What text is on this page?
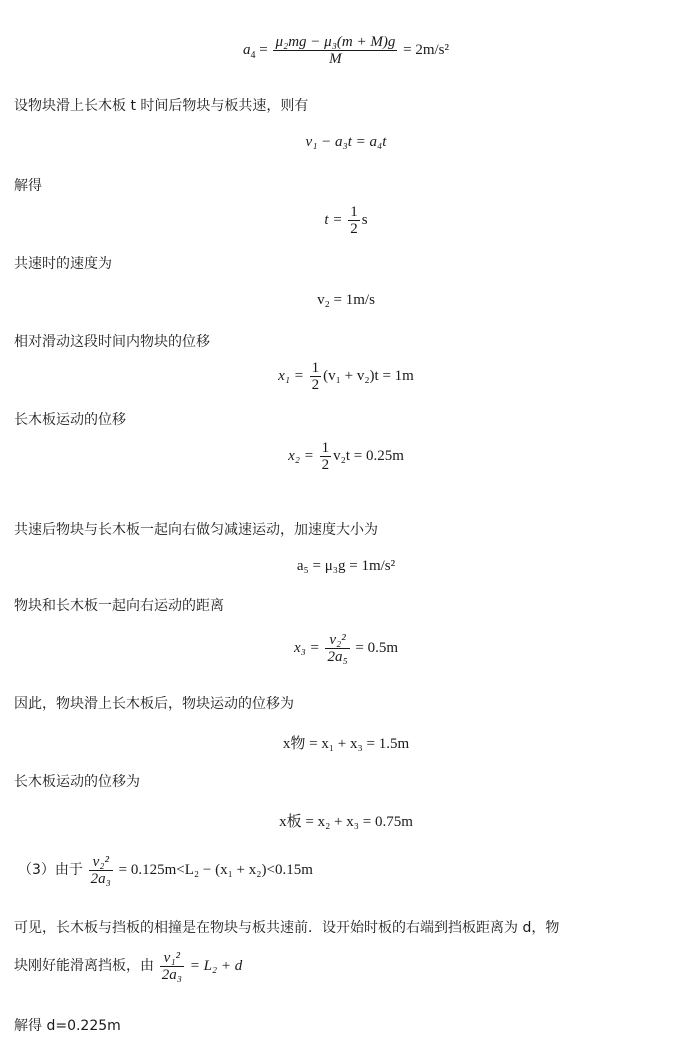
$a_4 = \frac{\text{μ₂mg − μ₃(m + M)g}}{M} = 2m/s^2$
设物块滑上长木板 t 时间后物块与板共速，则有
v₁ − a₃t = a₄t
解得
$t = \frac{1}{2}$ s
共速时的速度为
v₂ = 1m/s
相对滑动这段时间内物块的位移
$x_1 = \frac{1}{2} (v_1 + v_2)t = 1m$
长木板运动的位移
$x_2 = \frac{1}{2} v_2t = 0.25m$
共速后物块与长木板一起向右做匀减速运动，加速度大小为
a₅ = μ₃g = 1m/s²
物块和长木板一起向右运动的距离
$x_3 = \frac{\text{v₂²}}{\text{2a₅}} = 0.5m$
因此，物块滑上长木板后，物块运动的位移为
x物 = x₁ + x₃ = 1.5m
长木板运动的位移为
x板 = x₂ + x₃ = 0.75m
（3）由于 $\frac{\text{v₂²}}{\text{2a₃}} = 0.125m<L_2 - (x_1 + x_2)<0.15m$
可见，长木板与挡板的相撞是在物块与板共速前．设开始时板的右端到挡板距离为 d，物
块刚好能滑离挡板，由 $\frac{\text{v₁²}}{\text{2a₃}} = L_2 + d$
解得 d=0.225m
